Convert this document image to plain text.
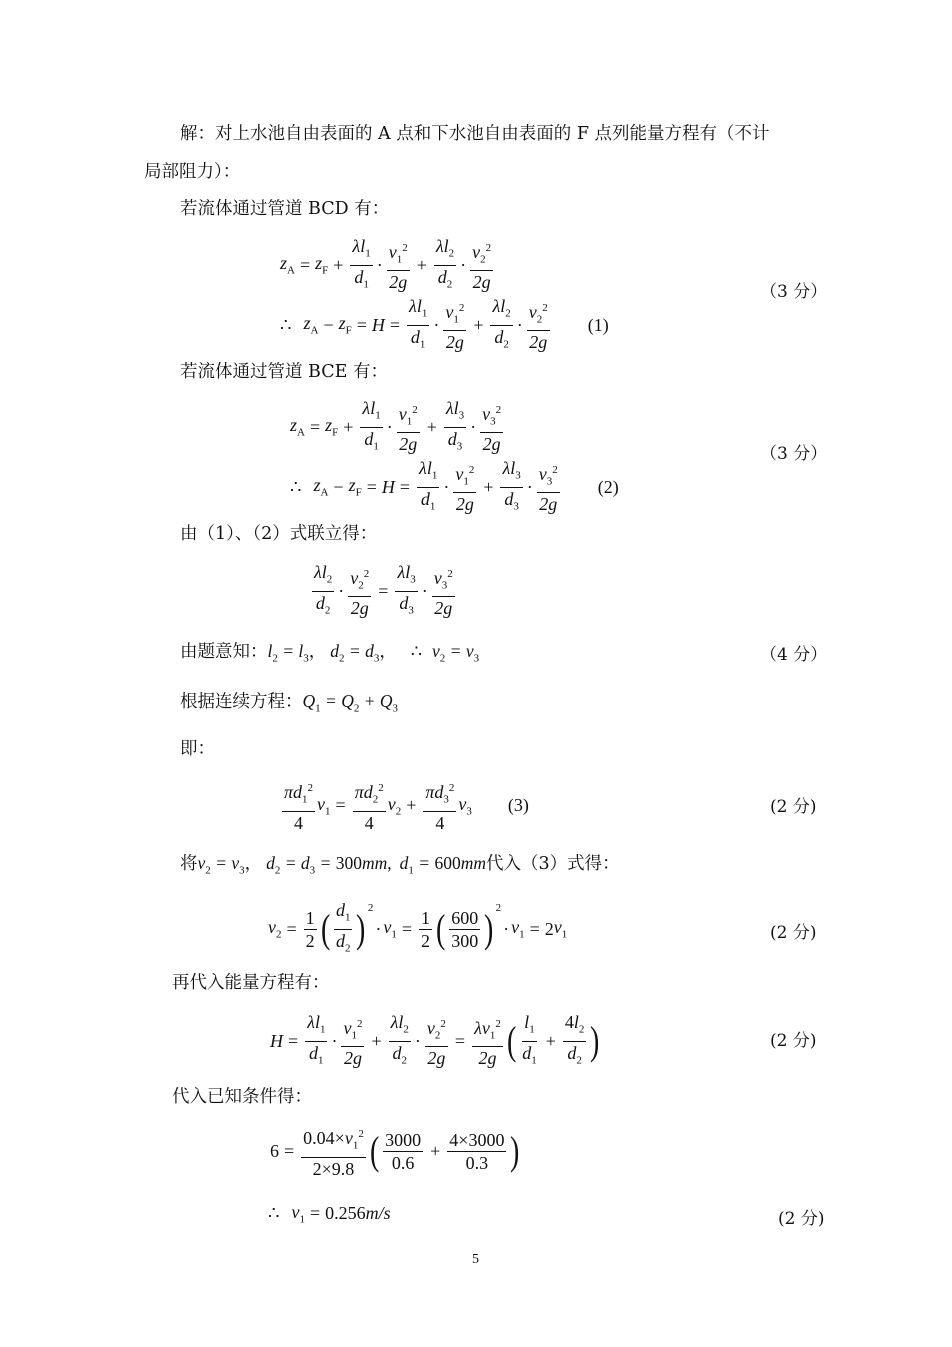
解：对上水池自由表面的 A 点和下水池自由表面的 F 点列能量方程有（不计
局部阻力）：
若流体通过管道 BCD 有：
$z_A = z_F + \frac{\lambda l_1}{d_1} \cdot \frac{v_1^2}{2g} + \frac{\lambda l_2}{d_2} \cdot \frac{v_2^2}{2g}$
∴ $z_A - z_F = H = \frac{\lambda l_1}{d_1} \cdot \frac{v_1^2}{2g} + \frac{\lambda l_2}{d_2} \cdot \frac{v_2^2}{2g} (1)$
（3 分）
若流体通过管道 BCE 有：
$z_A = z_F + \frac{\lambda l_1}{d_1} \cdot \frac{v_1^2}{2g} + \frac{\lambda l_3}{d_3} \cdot \frac{v_3^2}{2g}$
∴ $z_A - z_F = H = \frac{\lambda l_1}{d_1} \cdot \frac{v_1^2}{2g} + \frac{\lambda l_3}{d_3} \cdot \frac{v_3^2}{2g} (2)$
（3 分）
由（1）、（2）式联立得：
$\frac{\lambda l_2}{d_2} \cdot \frac{v_2^2}{2g} = \frac{\lambda l_3}{d_3} \cdot \frac{v_3^2}{2g}$
由题意知：$l_2 = l_3$， $d_2 = d_3$， ∴ $v_2 = v_3$	（4 分）
根据连续方程：$Q_1 = Q_2 + Q_3$
即：
$\frac{\pi d_1^2}{4} v_1 = \frac{\pi d_2^2}{4} v_2 + \frac{\pi d_3^2}{4} v_3$ (3)	(2 分)
将$v_2 = v_3$， $d_2 = d_3 = 300mm$, $d_1 = 600mm$代入（3）式得：
$v_2 = \frac{1}{2}$ ( $\frac{d_1}{d_2} )^2$
· $v_1 = \frac{1}{2}$ ( $\frac{600}{300} )^2$
· $v_1 = 2$ $v_1$	(2 分)
再代入能量方程有：
$H = \frac{\lambda l_1}{d_1} \cdot \frac{v_1^2}{2g} + \frac{\lambda l_2}{d_2} \cdot \frac{v_2^2}{2g} = \frac{\lambda v_1^2}{2g}$ ( $\frac{l_1}{d_1} + \frac{4l_2}{d_2}$ )	(2 分)
代入已知条件得：
$6 = \frac{0.04\times v_1^2}{2\times 9.8}$ ( $\frac{3000}{0.6} + \frac{4\times 3000}{0.3}$ )
∴ $v_1 = 0.256$ m / s	(2 分)
5
